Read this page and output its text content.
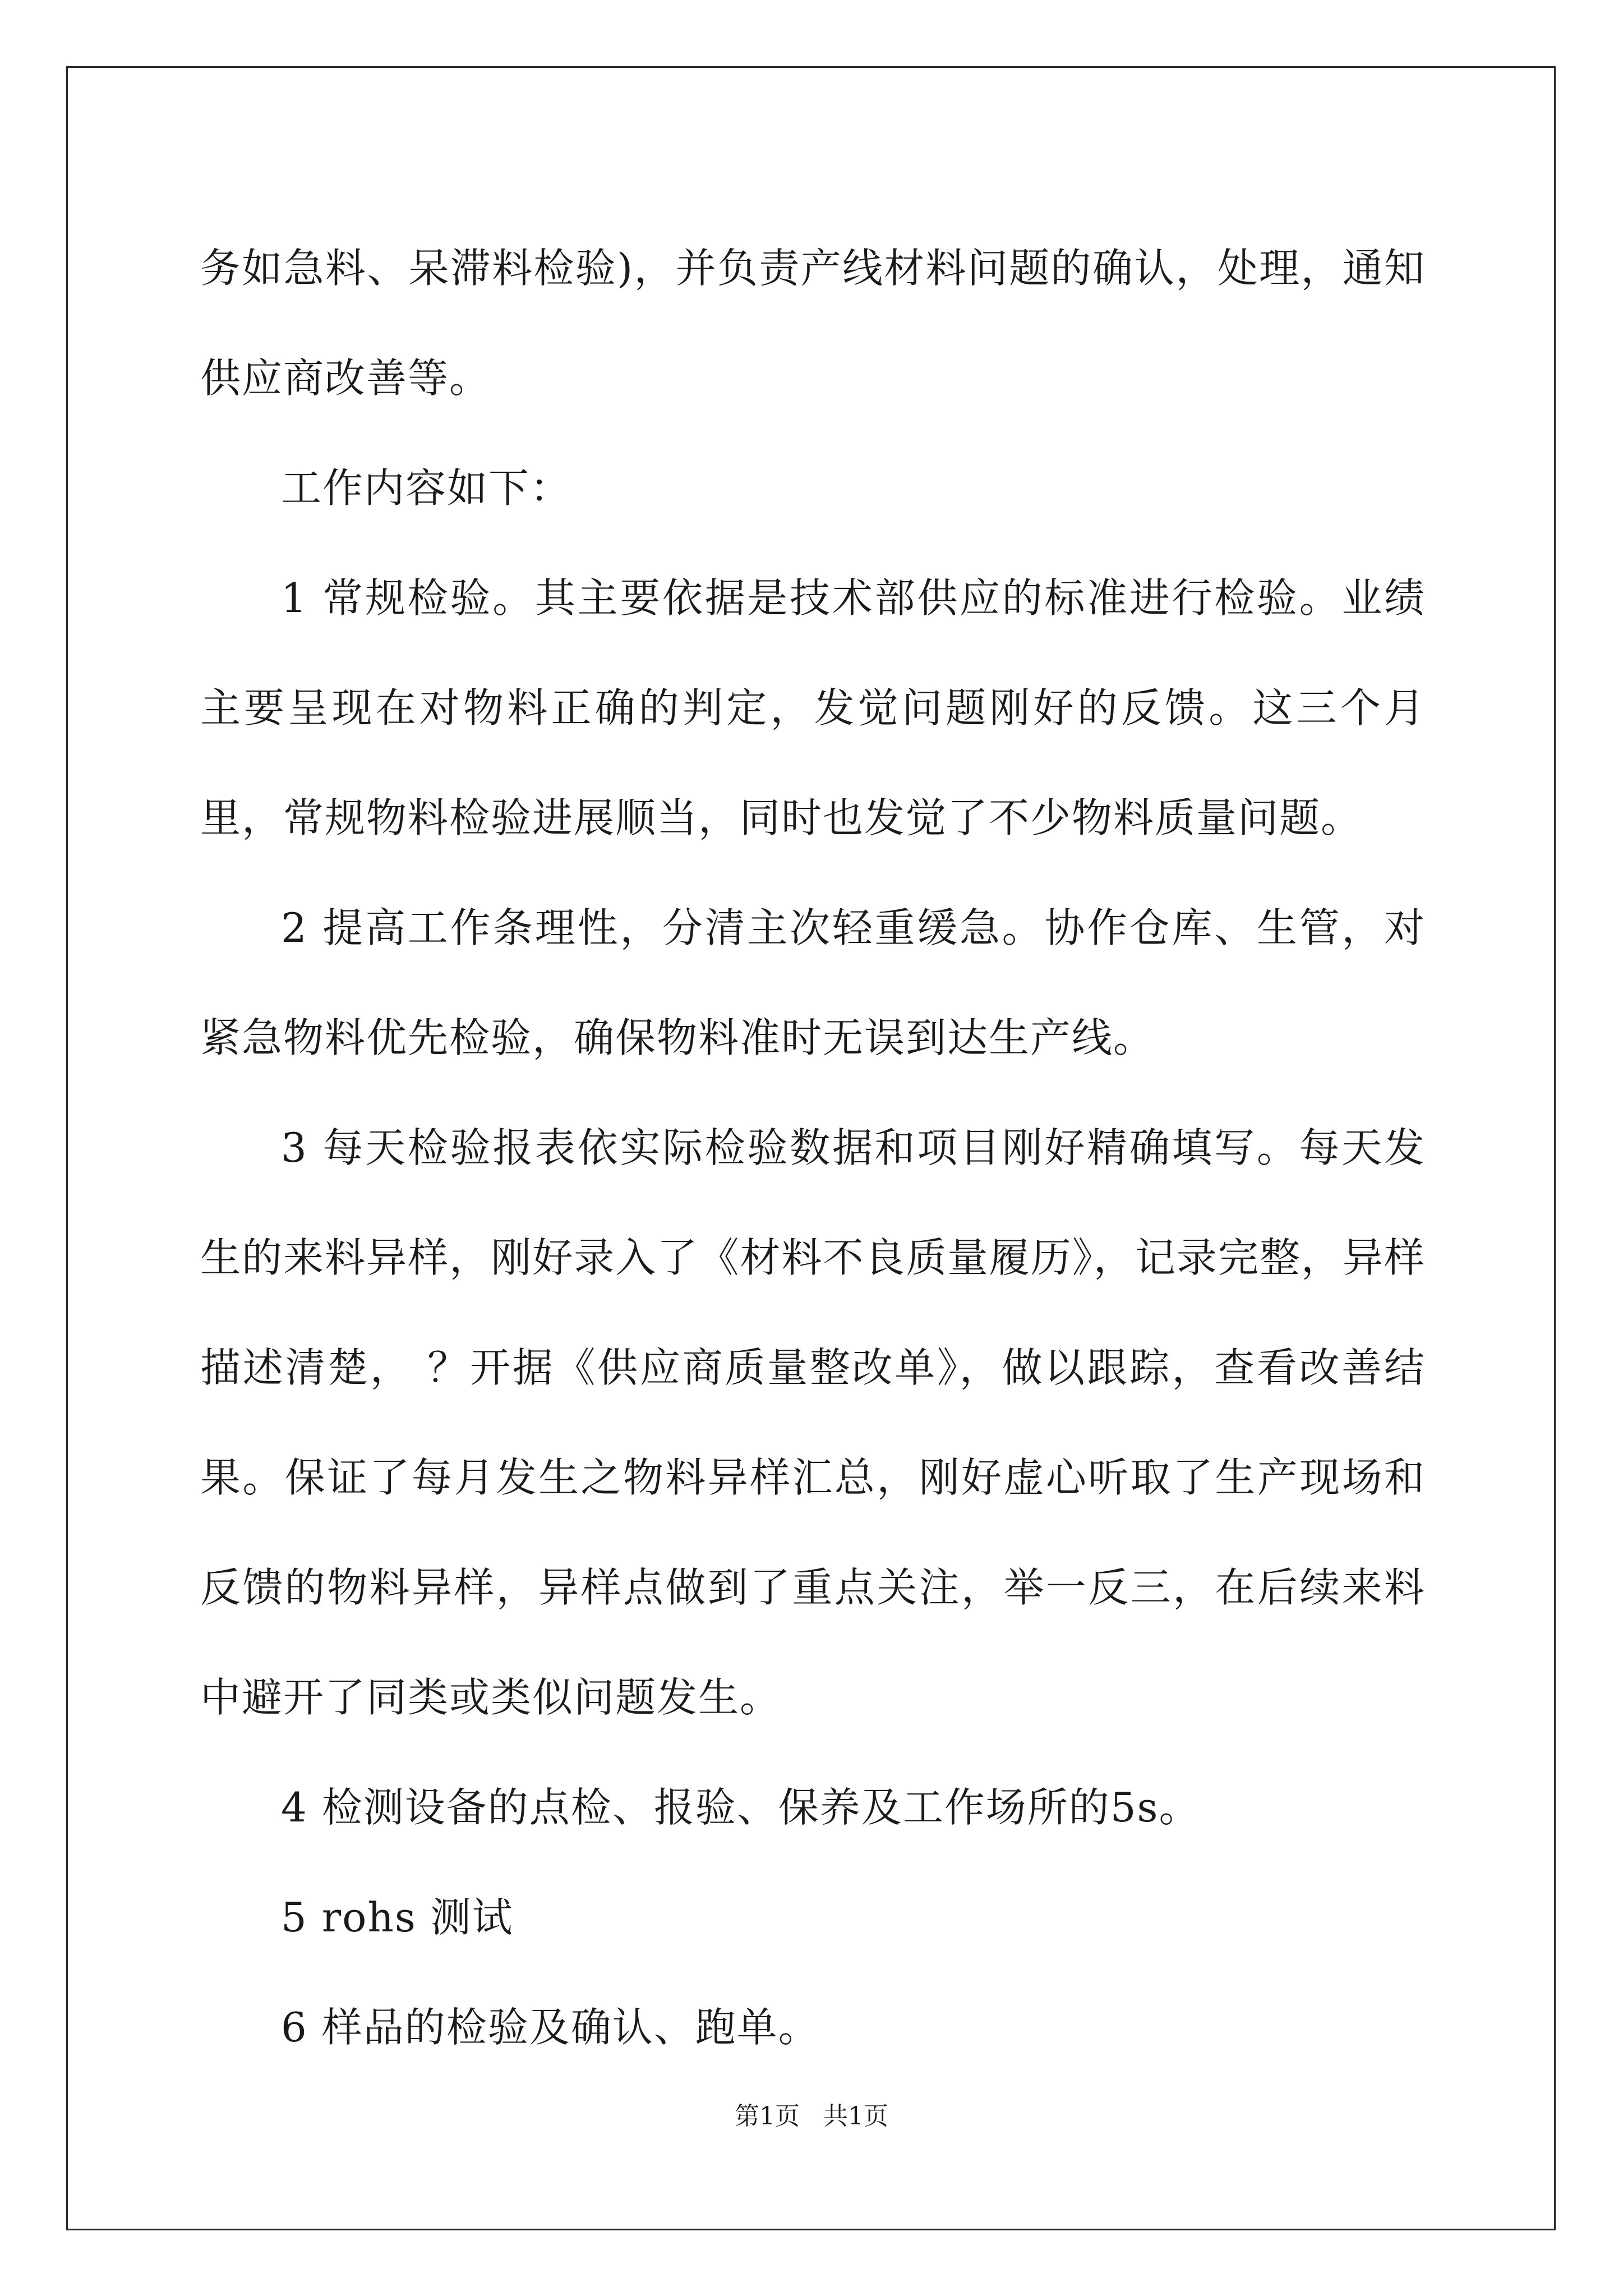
务如急料、呆滞料检验)，并负责产线材料问题的确认，处理，通知供应商改善等。

工作内容如下：

1 常规检验。其主要依据是技术部供应的标准进行检验。业绩主要呈现在对物料正确的判定，发觉问题刚好的反馈。这三个月里，常规物料检验进展顺当，同时也发觉了不少物料质量问题。

2 提高工作条理性，分清主次轻重缓急。协作仓库、生管，对紧急物料优先检验，确保物料准时无误到达生产线。

3 每天检验报表依实际检验数据和项目刚好精确填写。每天发生的来料异样，刚好录入了《材料不良质量履历》，记录完整，异样描述清楚， ？开据《供应商质量整改单》，做以跟踪，查看改善结果。保证了每月发生之物料异样汇总，刚好虚心听取了生产现场和反馈的物料异样，异样点做到了重点关注，举一反三，在后续来料中避开了同类或类似问题发生。

4 检测设备的点检、报验、保养及工作场所的5s。

5 rohs 测试

6 样品的检验及确认、跑单。

第1页   共1页
